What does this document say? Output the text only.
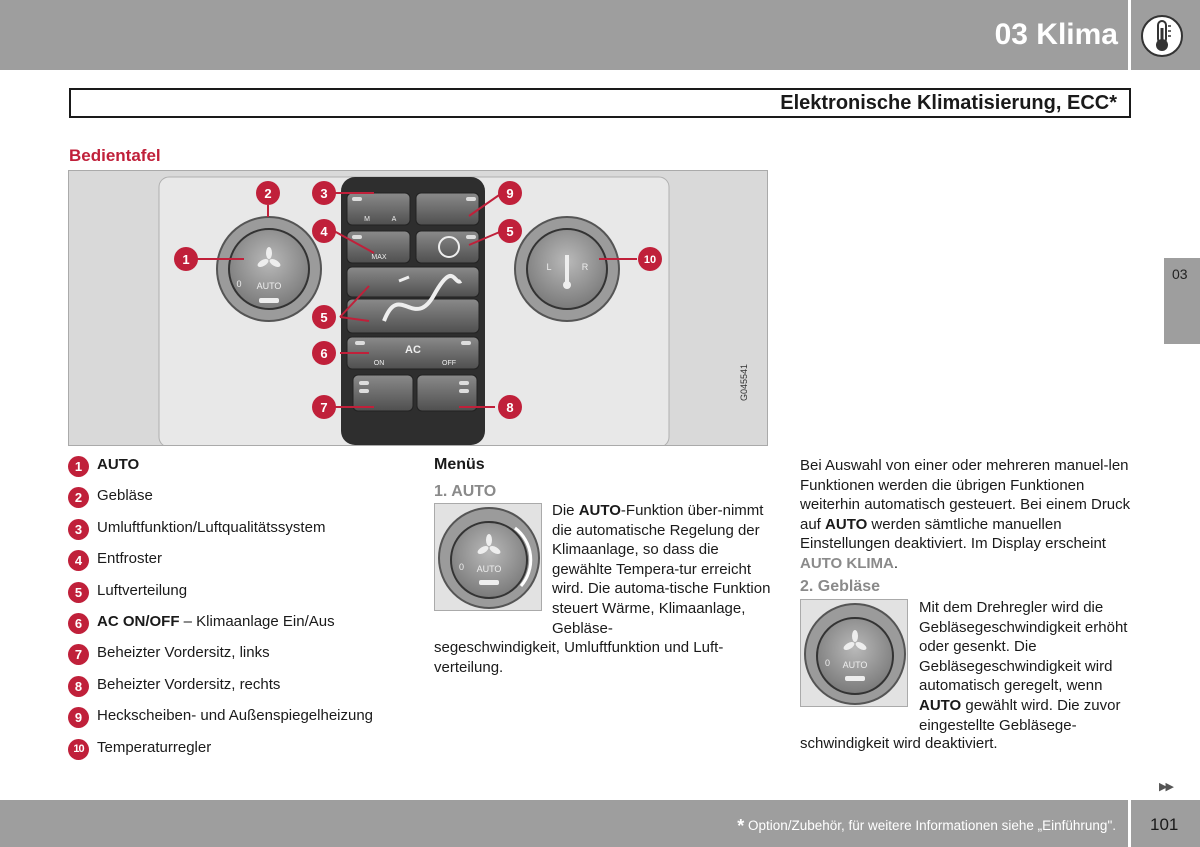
03 Klima
Elektronische Klimatisierung, ECC*
03
Bedientafel
1
2	3
4	5
5
6
7	8
9
10
0 AUTO
L	R
M	A
MAX
AC
ON	OFF
G045541
1 AUTO
2 Gebläse
3 Umluftfunktion/Luftqualitätssystem
4 Entfroster
5 Luftverteilung
6 AC ON/OFF – Klimaanlage Ein/Aus
7 Beheizter Vordersitz, links
8 Beheizter Vordersitz, rechts
9 Heckscheiben- und Außenspiegelheizung
10 Temperaturregler
Menüs
1. AUTO
0 AUTO
Die AUTO-Funktion über-nimmt die automatische Regelung der Klimaanlage, so dass die gewählte Tempera-tur erreicht wird. Die automa-tische Funktion steuert Wärme, Klimaanlage, Gebläse-
segeschwindigkeit, Umluftfunktion und Luft-verteilung.
Bei Auswahl von einer oder mehreren manuel-len Funktionen werden die übrigen Funktionen weiterhin automatisch gesteuert. Bei einem Druck auf AUTO werden sämtliche manuellen Einstellungen deaktiviert. Im Display erscheint AUTO KLIMA.
2. Gebläse
0 AUTO
Mit dem Drehregler wird die Gebläsegeschwindigkeit erhöht oder gesenkt. Die Gebläsegeschwindigkeit wird automatisch geregelt, wenn AUTO gewählt wird. Die zuvor eingestellte Gebläsege-
schwindigkeit wird deaktiviert.
▶▶
* Option/Zubehör, für weitere Informationen siehe „Einführung". 101
